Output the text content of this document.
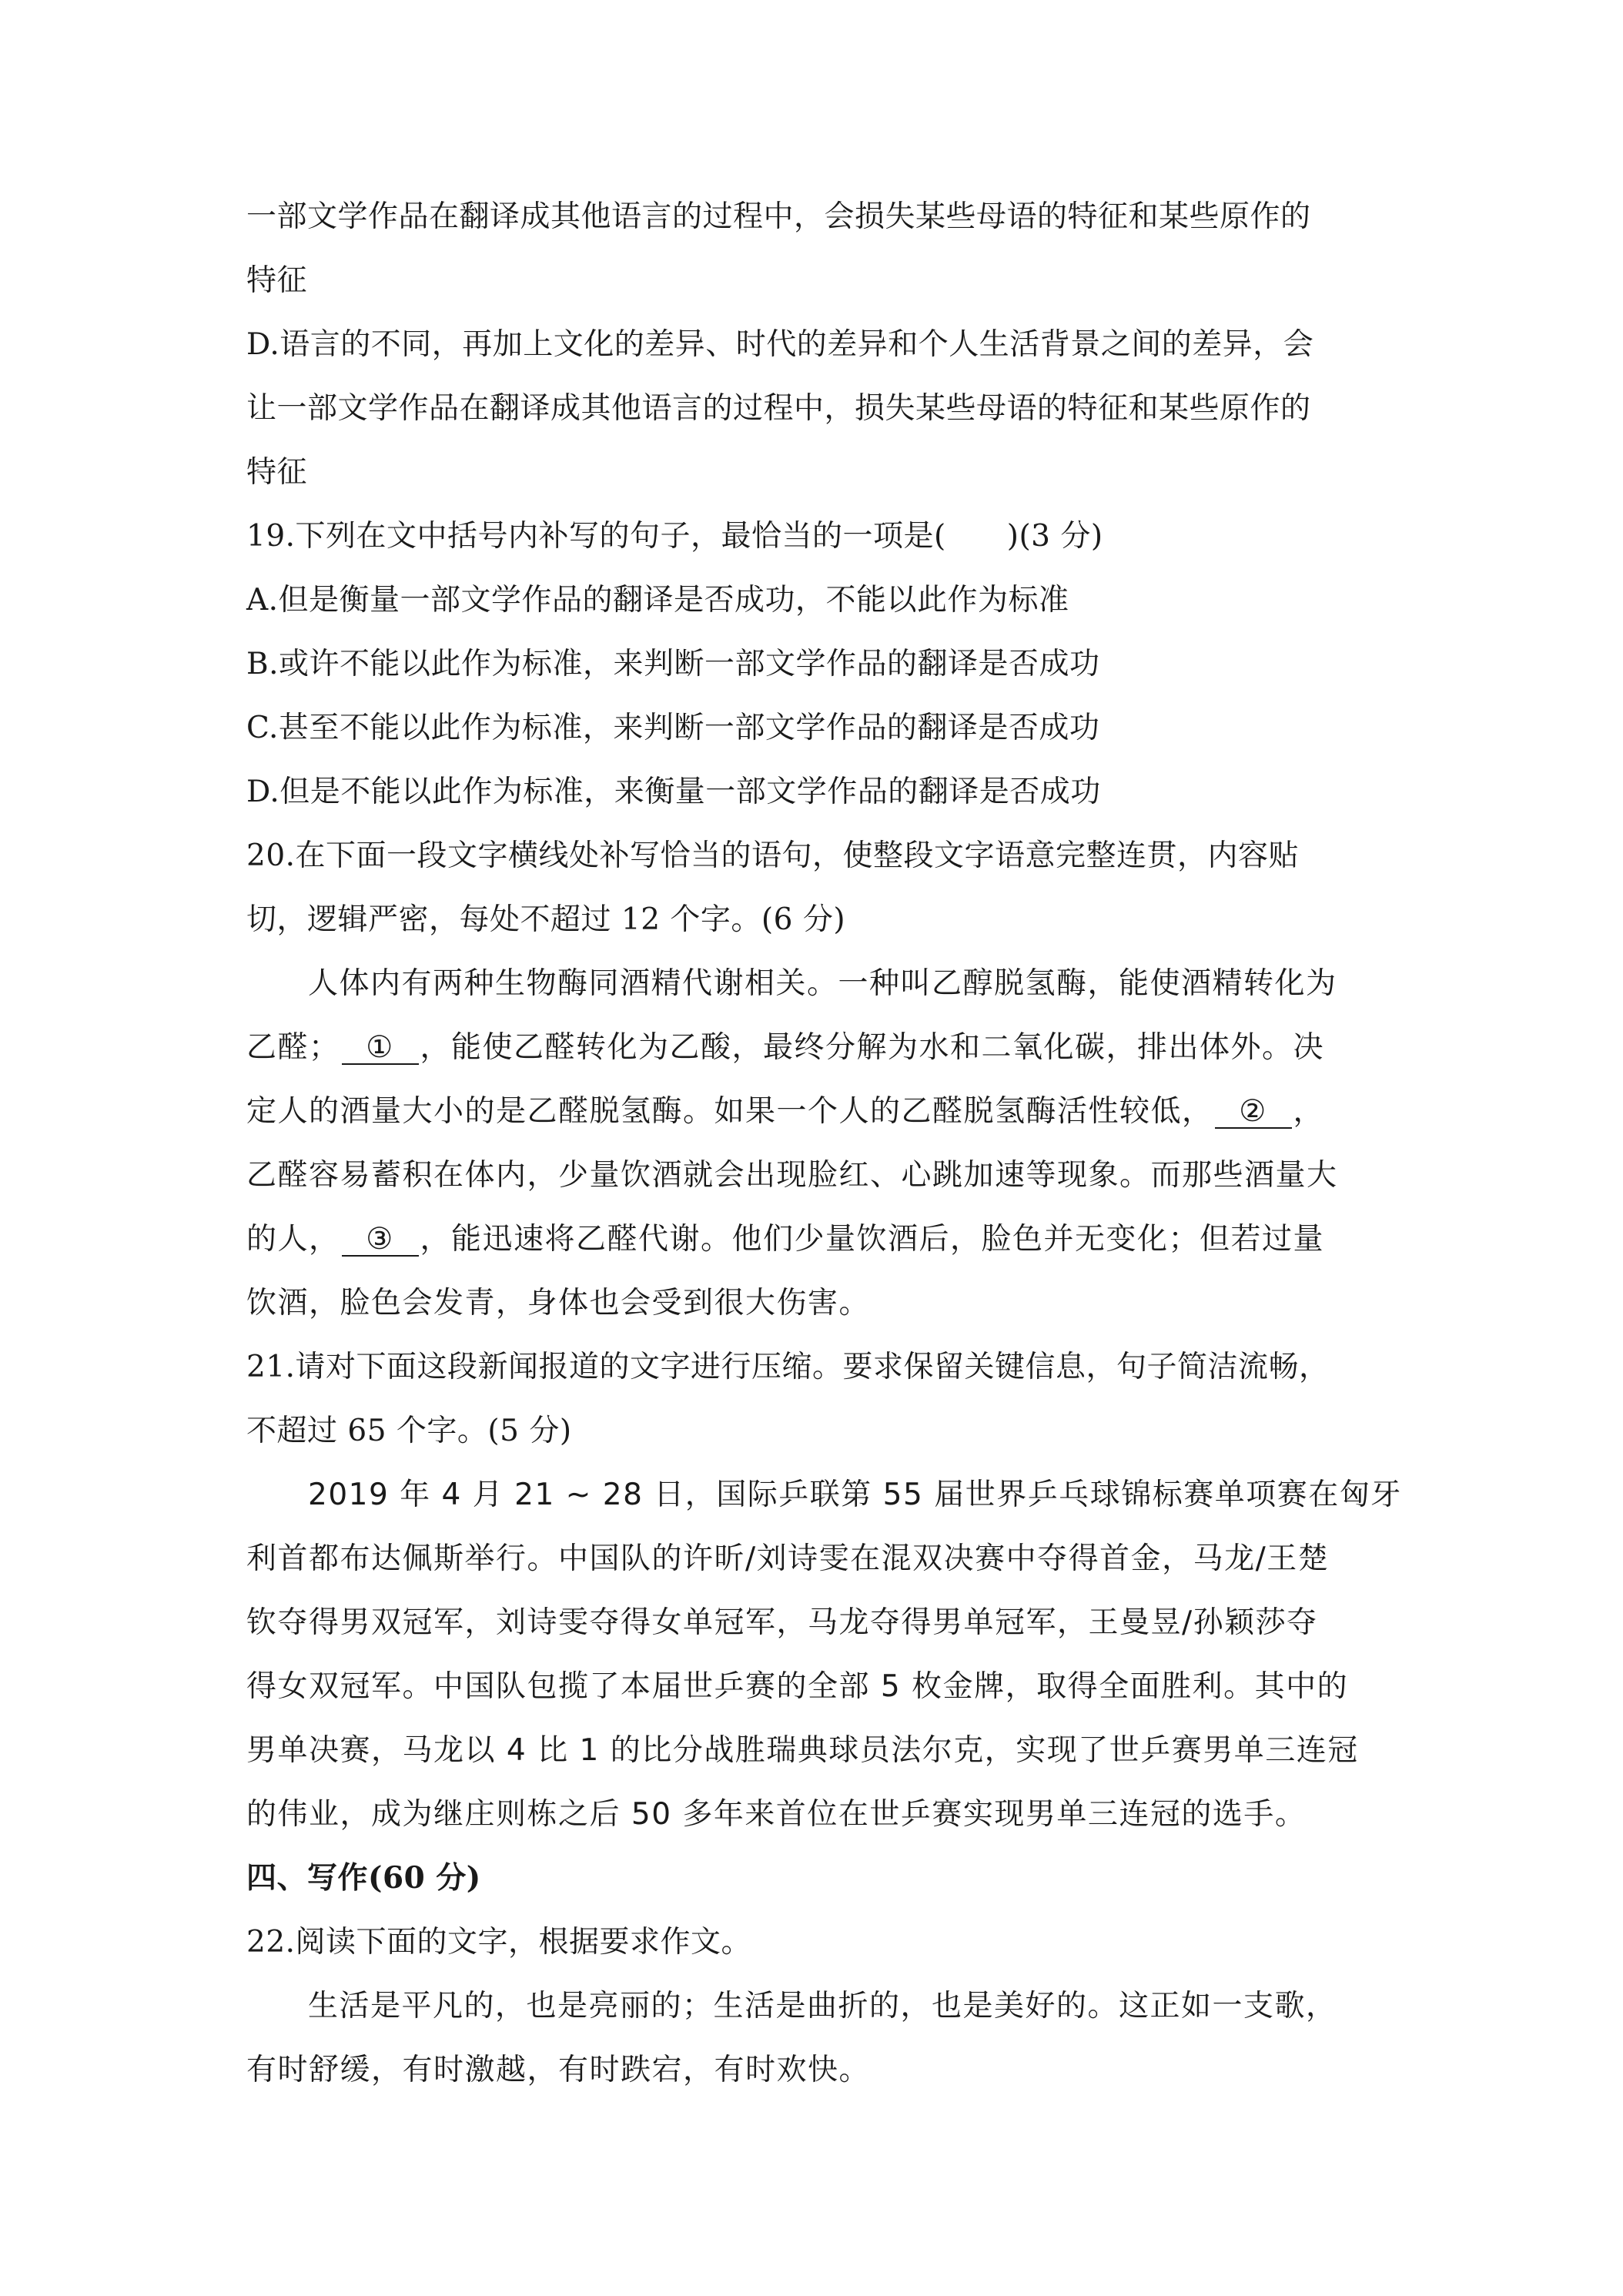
一部文学作品在翻译成其他语言的过程中，会损失某些母语的特征和某些原作的
特征
D.语言的不同，再加上文化的差异、时代的差异和个人生活背景之间的差异，会
让一部文学作品在翻译成其他语言的过程中，损失某些母语的特征和某些原作的
特征
19.下列在文中括号内补写的句子，最恰当的一项是(　　)(3 分)
A.但是衡量一部文学作品的翻译是否成功，不能以此作为标准
B.或许不能以此作为标准，来判断一部文学作品的翻译是否成功
C.甚至不能以此作为标准，来判断一部文学作品的翻译是否成功
D.但是不能以此作为标准，来衡量一部文学作品的翻译是否成功
20.在下面一段文字横线处补写恰当的语句，使整段文字语意完整连贯，内容贴
切，逻辑严密，每处不超过 12 个字。(6 分)
人体内有两种生物酶同酒精代谢相关。一种叫乙醇脱氢酶，能使酒精转化为
乙醛； ① ，能使乙醛转化为乙酸，最终分解为水和二氧化碳，排出体外。决
定人的酒量大小的是乙醛脱氢酶。如果一个人的乙醛脱氢酶活性较低， ② ，
乙醛容易蓄积在体内，少量饮酒就会出现脸红、心跳加速等现象。而那些酒量大
的人， ③ ，能迅速将乙醛代谢。他们少量饮酒后，脸色并无变化；但若过量
饮酒，脸色会发青，身体也会受到很大伤害。
21.请对下面这段新闻报道的文字进行压缩。要求保留关键信息，句子简洁流畅，
不超过 65 个字。(5 分)
2019 年 4 月 21 ~ 28 日，国际乒联第 55 届世界乒乓球锦标赛单项赛在匈牙
利首都布达佩斯举行。中国队的许昕/刘诗雯在混双决赛中夺得首金，马龙/王楚
钦夺得男双冠军，刘诗雯夺得女单冠军，马龙夺得男单冠军，王曼昱/孙颖莎夺
得女双冠军。中国队包揽了本届世乒赛的全部 5 枚金牌，取得全面胜利。其中的
男单决赛，马龙以 4 比 1 的比分战胜瑞典球员法尔克，实现了世乒赛男单三连冠
的伟业，成为继庄则栋之后 50 多年来首位在世乒赛实现男单三连冠的选手。
四、写作(60 分)
22.阅读下面的文字，根据要求作文。
生活是平凡的，也是亮丽的；生活是曲折的，也是美好的。这正如一支歌，
有时舒缓，有时激越，有时跌宕，有时欢快。
